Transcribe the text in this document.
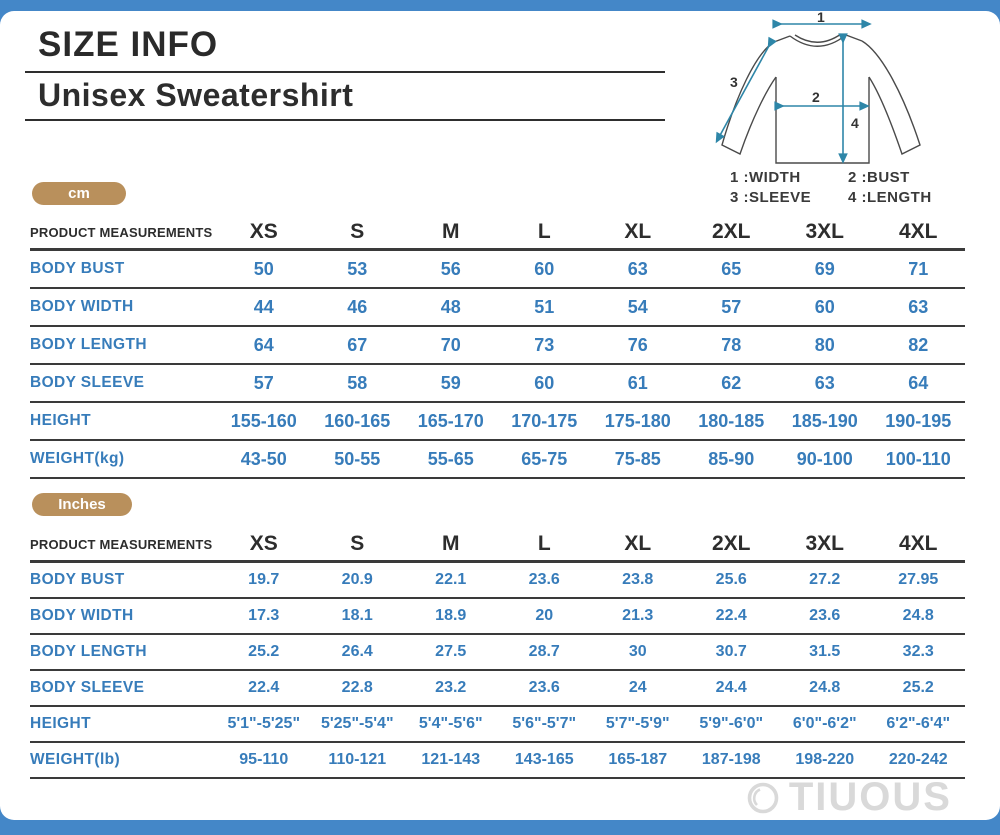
SIZE INFO
Unisex Sweatershirt
1
2
3
4
1 :WIDTH	2 :BUST
3 :SLEEVE	4 :LENGTH
cm
PRODUCT MEASUREMENTS	XS	S	M	L	XL	2XL	3XL	4XL
BODY BUST	50	53	56	60	63	65	69	71
BODY WIDTH	44	46	48	51	54	57	60	63
BODY LENGTH	64	67	70	73	76	78	80	82
BODY SLEEVE	57	58	59	60	61	62	63	64
HEIGHT	155-160	160-165	165-170	170-175	175-180	180-185	185-190	190-195
WEIGHT(kg)	43-50	50-55	55-65	65-75	75-85	85-90	90-100	100-110
Inches
PRODUCT MEASUREMENTS	XS	S	M	L	XL	2XL	3XL	4XL
BODY BUST	19.7	20.9	22.1	23.6	23.8	25.6	27.2	27.95
BODY WIDTH	17.3	18.1	18.9	20	21.3	22.4	23.6	24.8
BODY LENGTH	25.2	26.4	27.5	28.7	30	30.7	31.5	32.3
BODY SLEEVE	22.4	22.8	23.2	23.6	24	24.4	24.8	25.2
HEIGHT	5'1"-5'25"	5'25"-5'4"	5'4"-5'6"	5'6"-5'7"	5'7"-5'9"	5'9"-6'0"	6'0"-6'2"	6'2"-6'4"
WEIGHT(lb)	95-110	110-121	121-143	143-165	165-187	187-198	198-220	220-242
TIUOUS
